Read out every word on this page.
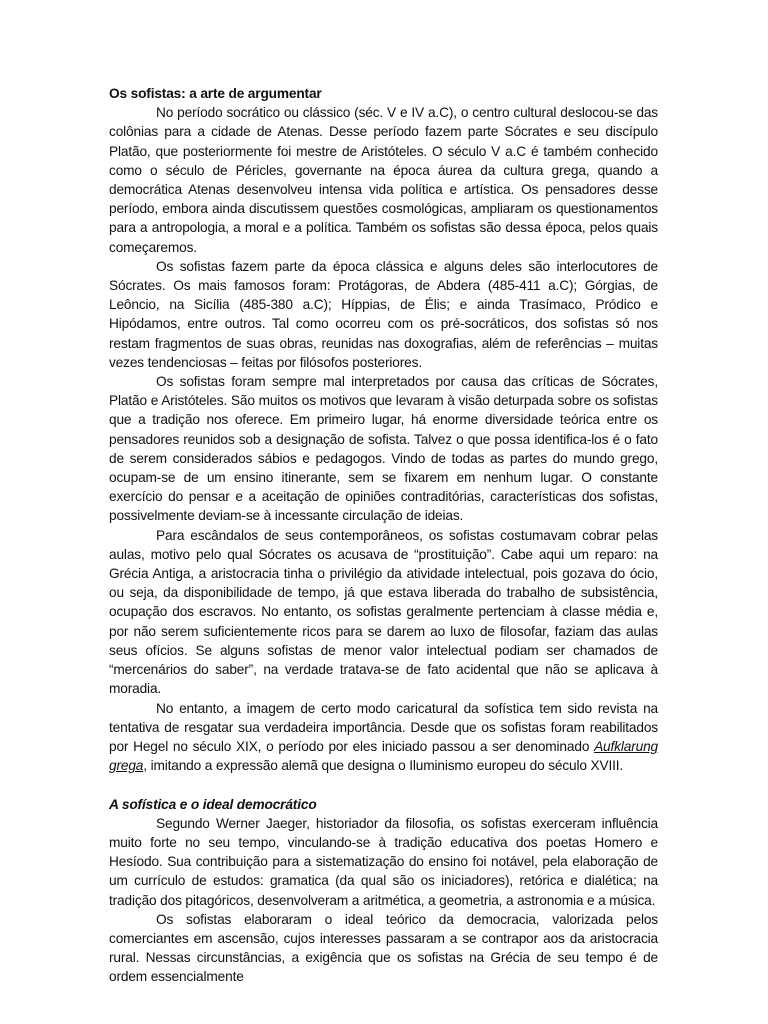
Os sofistas: a arte de argumentar

No período socrático ou clássico (séc. V e IV a.C), o centro cultural deslocou-se das colônias para a cidade de Atenas. Desse período fazem parte Sócrates e seu discípulo Platão, que posteriormente foi mestre de Aristóteles. O século V a.C é também conhecido como o século de Péricles, governante na época áurea da cultura grega, quando a democrática Atenas desenvolveu intensa vida política e artística. Os pensadores desse período, embora ainda discutissem questões cosmológicas, ampliaram os questionamentos para a antropologia, a moral e a política. Também os sofistas são dessa época, pelos quais começaremos.

Os sofistas fazem parte da época clássica e alguns deles são interlocutores de Sócrates. Os mais famosos foram: Protágoras, de Abdera (485-411 a.C); Górgias, de Leôncio, na Sicília (485-380 a.C); Híppias, de Élis; e ainda Trasímaco, Pródico e Hipódamos, entre outros. Tal como ocorreu com os pré-socráticos, dos sofistas só nos restam fragmentos de suas obras, reunidas nas doxografias, além de referências – muitas vezes tendenciosas – feitas por filósofos posteriores.

Os sofistas foram sempre mal interpretados por causa das críticas de Sócrates, Platão e Aristóteles. São muitos os motivos que levaram à visão deturpada sobre os sofistas que a tradição nos oferece. Em primeiro lugar, há enorme diversidade teórica entre os pensadores reunidos sob a designação de sofista. Talvez o que possa identifica-los é o fato de serem considerados sábios e pedagogos. Vindo de todas as partes do mundo grego, ocupam-se de um ensino itinerante, sem se fixarem em nenhum lugar. O constante exercício do pensar e a aceitação de opiniões contraditórias, características dos sofistas, possivelmente deviam-se à incessante circulação de ideias.

Para escândalos de seus contemporâneos, os sofistas costumavam cobrar pelas aulas, motivo pelo qual Sócrates os acusava de “prostituição”. Cabe aqui um reparo: na Grécia Antiga, a aristocracia tinha o privilégio da atividade intelectual, pois gozava do ócio, ou seja, da disponibilidade de tempo, já que estava liberada do trabalho de subsistência, ocupação dos escravos. No entanto, os sofistas geralmente pertenciam à classe média e, por não serem suficientemente ricos para se darem ao luxo de filosofar, faziam das aulas seus ofícios. Se alguns sofistas de menor valor intelectual podiam ser chamados de “mercenários do saber”, na verdade tratava-se de fato acidental que não se aplicava à moradia.

No entanto, a imagem de certo modo caricatural da sofística tem sido revista na tentativa de resgatar sua verdadeira importância. Desde que os sofistas foram reabilitados por Hegel no século XIX, o período por eles iniciado passou a ser denominado Aufklarung grega, imitando a expressão alemã que designa o Iluminismo europeu do século XVIII.

A sofística e o ideal democrático

Segundo Werner Jaeger, historiador da filosofia, os sofistas exerceram influência muito forte no seu tempo, vinculando-se à tradição educativa dos poetas Homero e Hesíodo. Sua contribuição para a sistematização do ensino foi notável, pela elaboração de um currículo de estudos: gramatica (da qual são os iniciadores), retórica e dialética; na tradição dos pitagóricos, desenvolveram a aritmética, a geometria, a astronomia e a música.

Os sofistas elaboraram o ideal teórico da democracia, valorizada pelos comerciantes em ascensão, cujos interesses passaram a se contrapor aos da aristocracia rural. Nessas circunstâncias, a exigência que os sofistas na Grécia de seu tempo é de ordem essencialmente
